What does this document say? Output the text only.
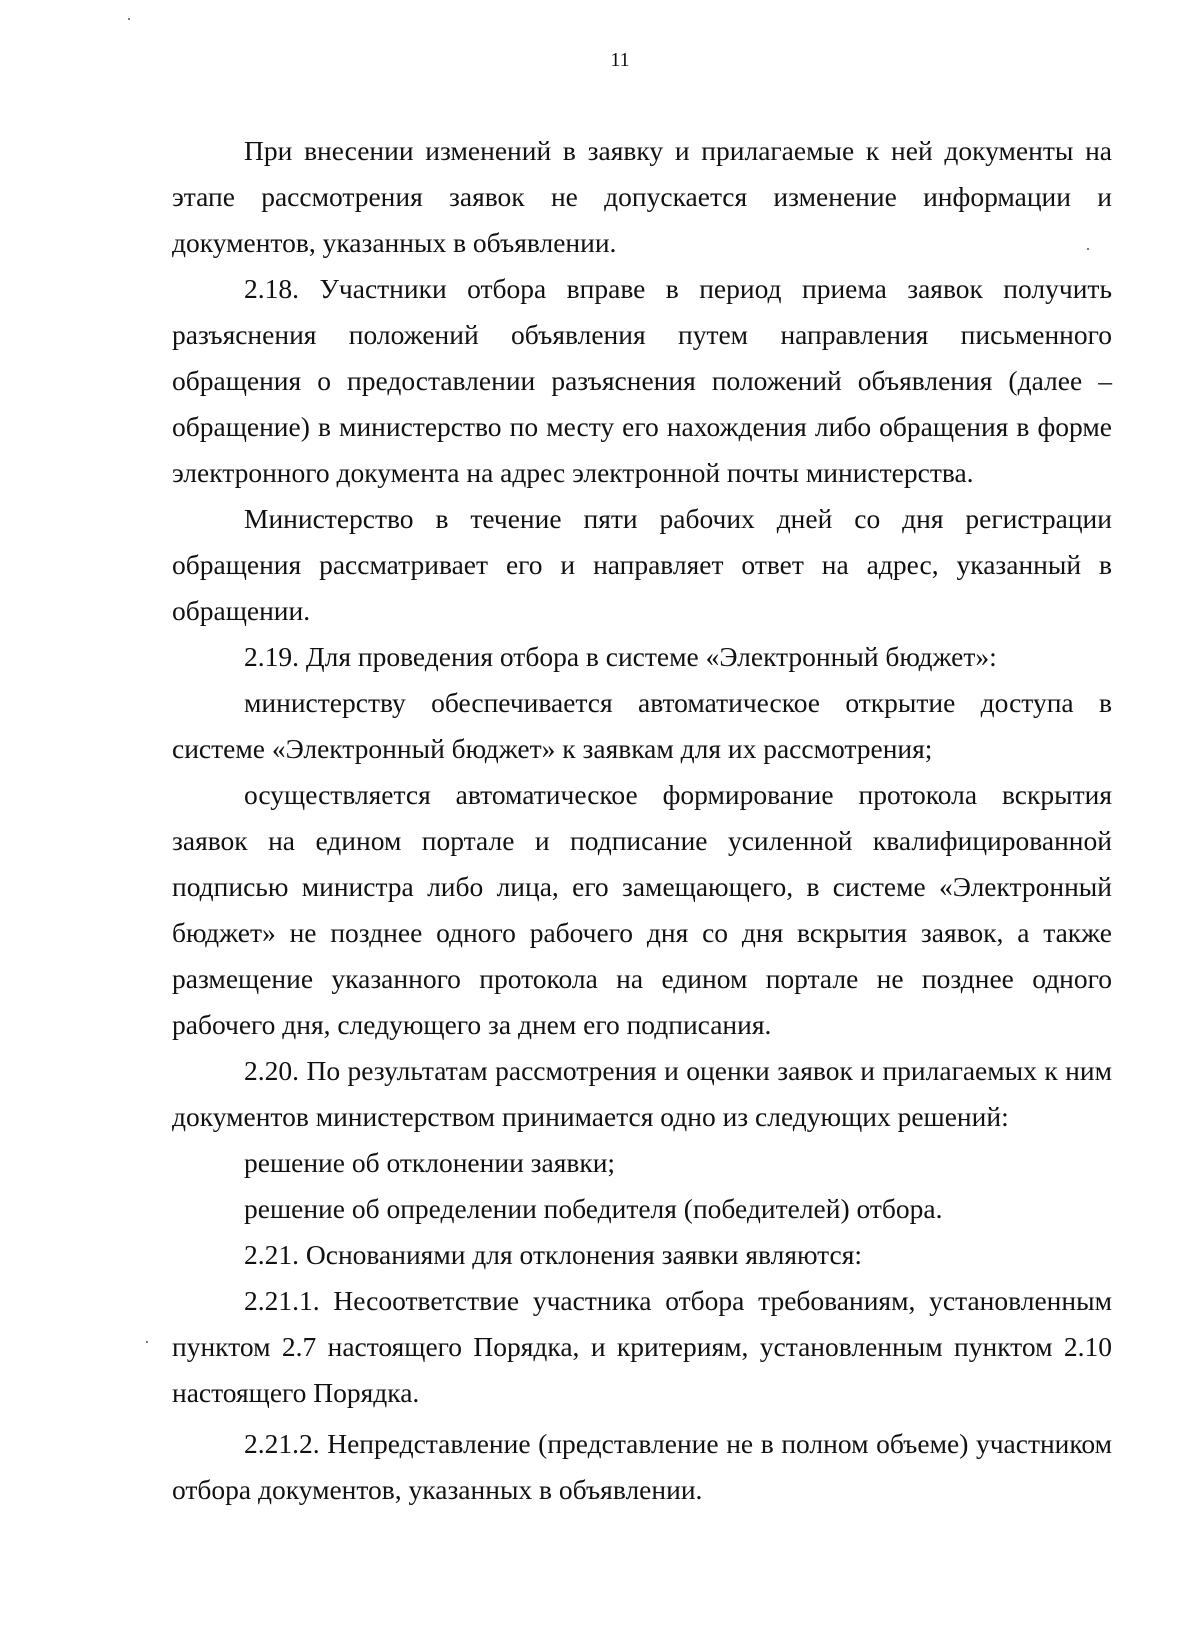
11

При внесении изменений в заявку и прилагаемые к ней документы на этапе рассмотрения заявок не допускается изменение информации и документов, указанных в объявлении.

2.18. Участники отбора вправе в период приема заявок получить разъяснения положений объявления путем направления письменного обращения о предоставлении разъяснения положений объявления (далее – обращение) в министерство по месту его нахождения либо обращения в форме электронного документа на адрес электронной почты министерства.

Министерство в течение пяти рабочих дней со дня регистрации обращения рассматривает его и направляет ответ на адрес, указанный в обращении.

2.19. Для проведения отбора в системе «Электронный бюджет»:

министерству обеспечивается автоматическое открытие доступа в системе «Электронный бюджет» к заявкам для их рассмотрения;

осуществляется автоматическое формирование протокола вскрытия заявок на едином портале и подписание усиленной квалифицированной подписью министра либо лица, его замещающего, в системе «Электронный бюджет» не позднее одного рабочего дня со дня вскрытия заявок, а также размещение указанного протокола на едином портале не позднее одного рабочего дня, следующего за днем его подписания.

2.20. По результатам рассмотрения и оценки заявок и прилагаемых к ним документов министерством принимается одно из следующих решений:

решение об отклонении заявки;

решение об определении победителя (победителей) отбора.

2.21. Основаниями для отклонения заявки являются:

2.21.1. Несоответствие участника отбора требованиям, установленным пунктом 2.7 настоящего Порядка, и критериям, установленным пунктом 2.10 настоящего Порядка.

2.21.2. Непредставление (представление не в полном объеме) участником отбора документов, указанных в объявлении.
